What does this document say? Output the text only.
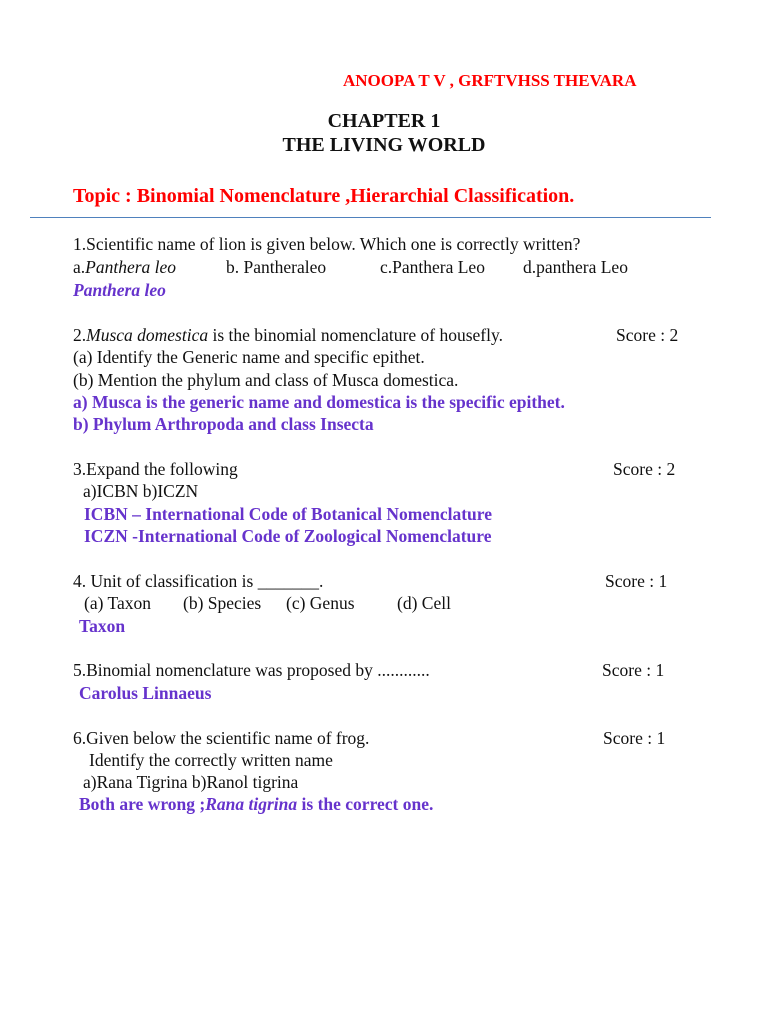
ANOOPA T V , GRFTVHSS THEVARA
CHAPTER 1
THE LIVING WORLD
Topic : Binomial Nomenclature ,Hierarchial Classification.
1.Scientific name of lion is given below. Which one is correctly written?
a.Panthera leo	b. Pantheraleo	c.Panthera Leo d.panthera Leo
Panthera leo
2.Musca domestica is the binomial nomenclature of housefly.	Score : 2
(a) Identify the Generic name and specific epithet.
(b) Mention the phylum and class of Musca domestica.
a) Musca is the generic name and domestica is the specific epithet.
b) Phylum Arthropoda and class Insecta
3.Expand the following	Score : 2
a)ICBN b)ICZN
ICBN – International Code of Botanical Nomenclature
ICZN -International Code of Zoological Nomenclature
4. Unit of classification is _______.	Score : 1
(a) Taxon (b) Species (c) Genus (d) Cell
Taxon
5.Binomial nomenclature was proposed by ............	Score : 1
Carolus Linnaeus
6.Given below the scientific name of frog.	Score : 1
Identify the correctly written name
a)Rana Tigrina b)Ranol tigrina
Both are wrong ;Rana tigrina is the correct one.
